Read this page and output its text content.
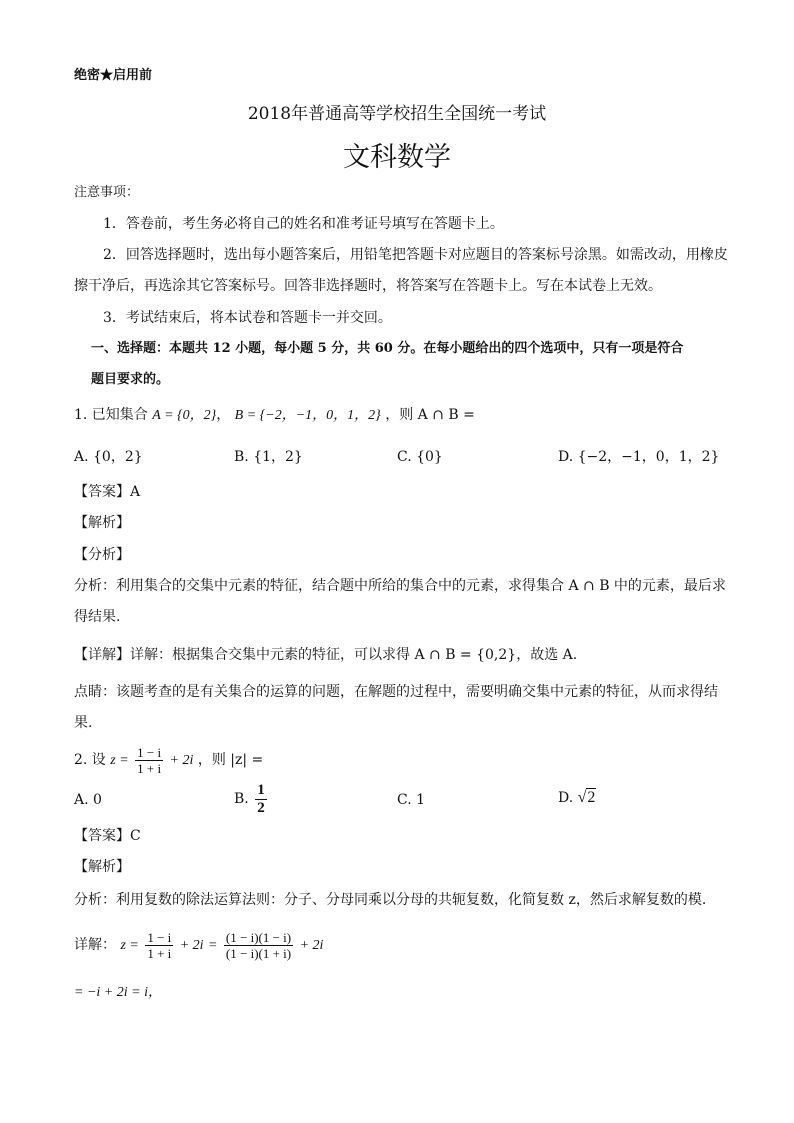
绝密★启用前
2018年普通高等学校招生全国统一考试
文科数学
注意事项：
1．答卷前，考生务必将自己的姓名和准考证号填写在答题卡上。
2．回答选择题时，选出每小题答案后，用铅笔把答题卡对应题目的答案标号涂黑。如需改动，用橡皮
擦干净后，再选涂其它答案标号。回答非选择题时，将答案写在答题卡上。写在本试卷上无效。
3．考试结束后，将本试卷和答题卡一并交回。
一、选择题：本题共 12 小题，每小题 5 分，共 60 分。在每小题给出的四个选项中，只有一项是符合
题目要求的。
1. 已知集合 A = {0，2}， B = {−2，−1，0，1，2} ，则 A ∩ B =
A. {0，2}	B. {1，2}	C. {0}	D. {−2，−1，0，1，2}
【答案】A
【解析】
【分析】
分析：利用集合的交集中元素的特征，结合题中所给的集合中的元素，求得集合 A ∩ B 中的元素，最后求
得结果.
【详解】详解：根据集合交集中元素的特征，可以求得 A ∩ B = {0,2}，故选 A.
点睛：该题考查的是有关集合的运算的问题，在解题的过程中，需要明确交集中元素的特征，从而求得结
果.
2. 设 $z = \frac{1 - i}{1 + i} + 2i$ ，则 |z| =
A. 0	B. $\frac{1}{2}$	C. 1	D. √2
【答案】C
【解析】
分析：利用复数的除法运算法则：分子、分母同乘以分母的共轭复数，化简复数 z，然后求解复数的模.
详解： $z = \frac{1 - i}{1 + i} + 2i = \frac{(1 - i)(1 - i)}{(1 - i)(1 + i)} + 2i$
= −i + 2i = i，
